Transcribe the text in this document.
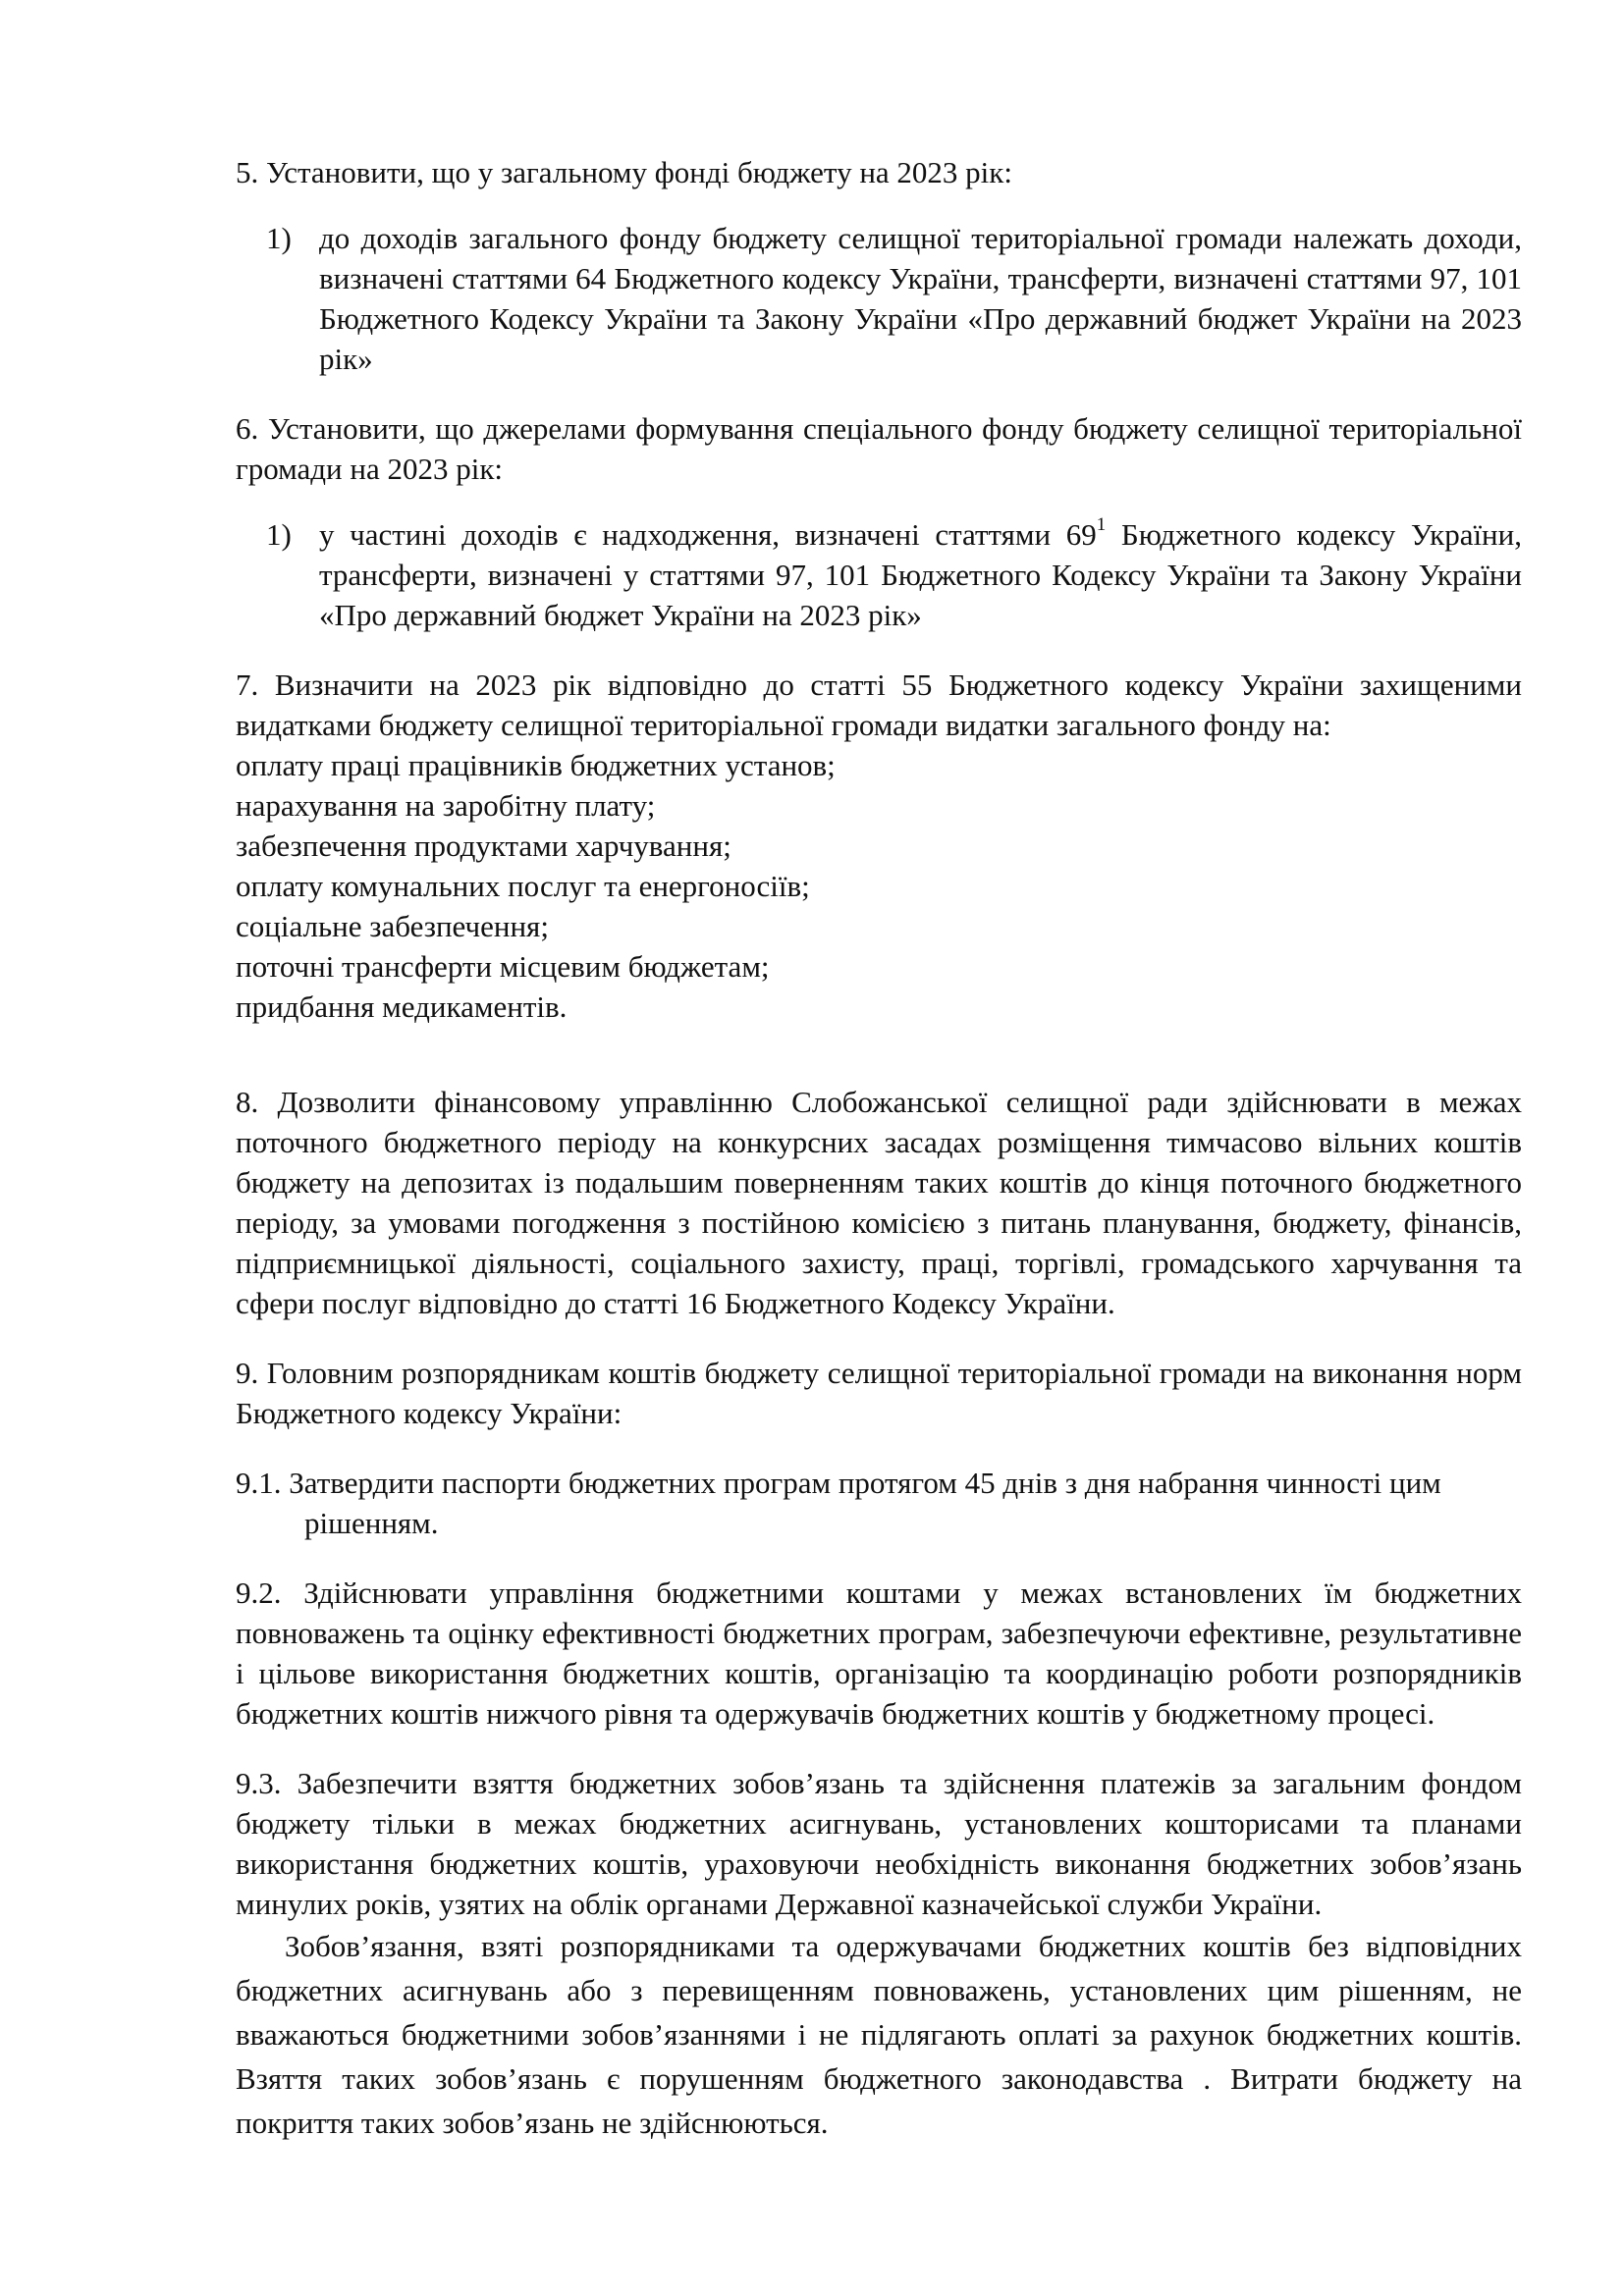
5. Установити, що у загальному фонді бюджету на 2023 рік:

1) до доходів загального фонду бюджету селищної територіальної громади належать доходи, визначені статтями 64 Бюджетного кодексу України, трансферти, визначені статтями 97, 101 Бюджетного Кодексу України та Закону України «Про державний бюджет України на 2023 рік»

6. Установити, що джерелами формування спеціального фонду бюджету селищної територіальної громади на 2023 рік:

1) у частині доходів є надходження, визначені статтями $69^1$ Бюджетного кодексу України, трансферти, визначені у статтями 97, 101 Бюджетного Кодексу України та Закону України «Про державний бюджет України на 2023 рік»

7. Визначити на 2023 рік відповідно до статті 55 Бюджетного кодексу України захищеними видатками бюджету селищної територіальної громади видатки загального фонду на:

оплату праці працівників бюджетних установ;
нарахування на заробітну плату;
забезпечення продуктами харчування;
оплату комунальних послуг та енергоносіїв;
соціальне забезпечення;
поточні трансферти місцевим бюджетам;
придбання медикаментів.

8. Дозволити фінансовому управлінню Слобожанської селищної ради здійснювати в межах поточного бюджетного періоду на конкурсних засадах розміщення тимчасово вільних коштів бюджету на депозитах із подальшим поверненням таких коштів до кінця поточного бюджетного періоду, за умовами погодження з постійною комісією з питань планування, бюджету, фінансів, підприємницької діяльності, соціального захисту, праці, торгівлі, громадського харчування та сфери послуг відповідно до статті 16 Бюджетного Кодексу України.

9. Головним розпорядникам коштів бюджету селищної територіальної громади на виконання норм Бюджетного кодексу України:

9.1. Затвердити паспорти бюджетних програм протягом 45 днів з дня набрання чинності цим рішенням.

9.2. Здійснювати управління бюджетними коштами у межах встановлених їм бюджетних повноважень та оцінку ефективності бюджетних програм, забезпечуючи ефективне, результативне і цільове використання бюджетних коштів, організацію та координацію роботи розпорядників бюджетних коштів нижчого рівня та одержувачів бюджетних коштів у бюджетному процесі.

9.3. Забезпечити взяття бюджетних зобов’язань та здійснення платежів за загальним фондом бюджету тільки в межах бюджетних асигнувань, установлених кошторисами та планами використання бюджетних коштів, ураховуючи необхідність виконання бюджетних зобов’язань минулих років, узятих на облік органами Державної казначейської служби України.

Зобов’язання, взяті розпорядниками та одержувачами бюджетних коштів без відповідних бюджетних асигнувань або з перевищенням повноважень, установлених цим рішенням, не вважаються бюджетними зобов’язаннями і не підлягають оплаті за рахунок бюджетних коштів. Взяття таких зобов’язань є порушенням бюджетного законодавства . Витрати бюджету на покриття таких зобов’язань не здійснюються.
